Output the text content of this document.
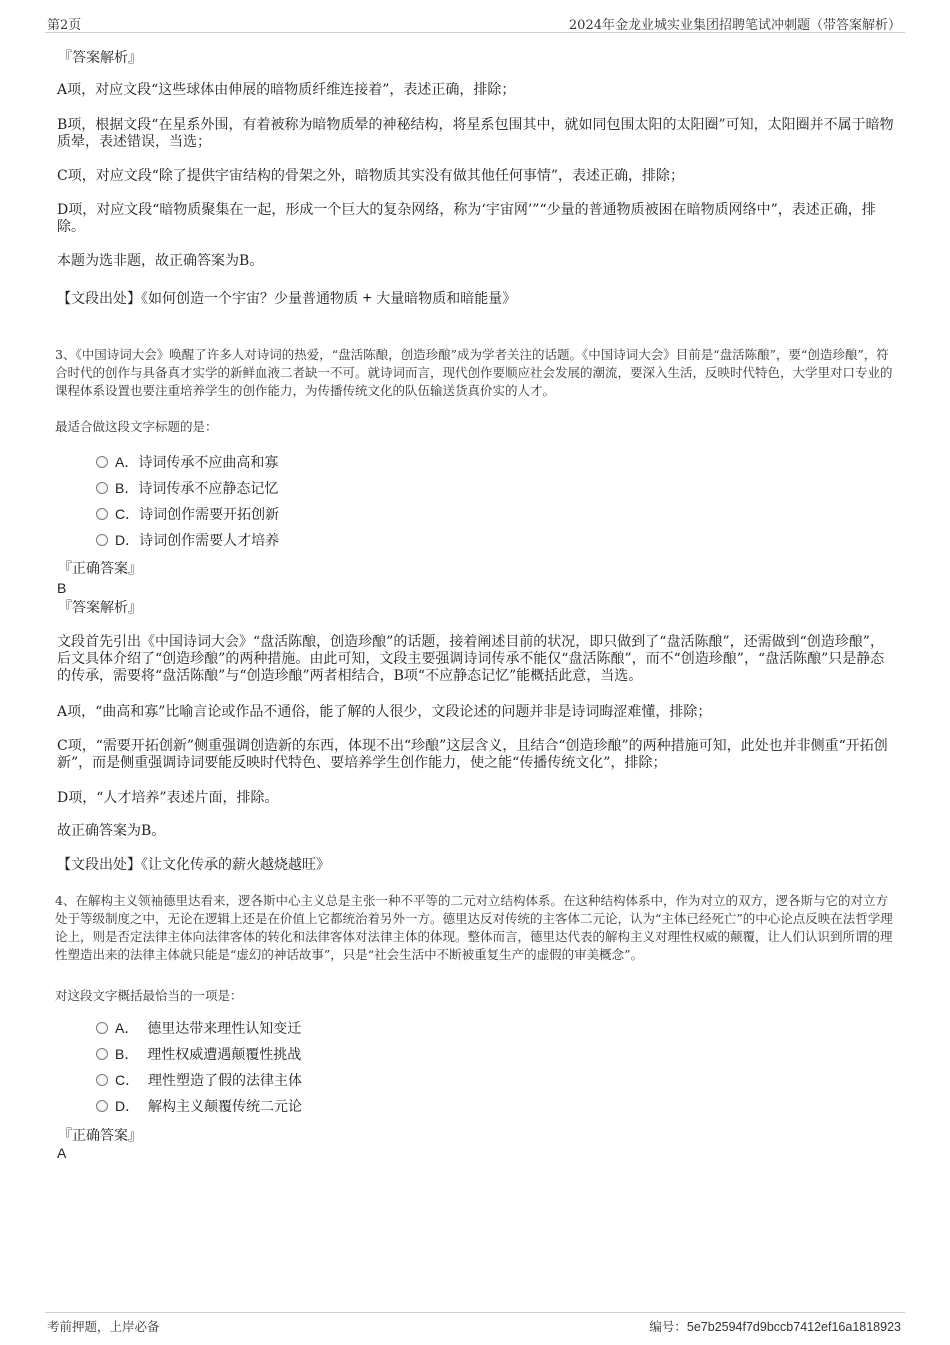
第2页	2024年金龙业城实业集团招聘笔试冲刺题（带答案解析）
『答案解析』
A项，对应文段“这些球体由伸展的暗物质纤维连接着”，表述正确，排除；
B项，根据文段“在星系外围，有着被称为暗物质晕的神秘结构，将星系包围其中，就如同包围太阳的太阳圈”可知，太阳圈并不属于暗物质晕，表述错误，当选；
C项，对应文段“除了提供宇宙结构的骨架之外，暗物质其实没有做其他任何事情”，表述正确，排除；
D项，对应文段“暗物质聚集在一起，形成一个巨大的复杂网络，称为‘宇宙网’”“少量的普通物质被困在暗物质网络中”，表述正确，排除。
本题为选非题，故正确答案为B。
【文段出处】《如何创造一个宇宙？少量普通物质 + 大量暗物质和暗能量》
3、《中国诗词大会》唤醒了许多人对诗词的热爱，“盘活陈酿，创造珍酿”成为学者关注的话题。《中国诗词大会》目前是“盘活陈酿”，要“创造珍酿”，符合时代的创作与具备真才实学的新鲜血液二者缺一不可。就诗词而言，现代创作要顺应社会发展的潮流，要深入生活，反映时代特色，大学里对口专业的课程体系设置也要注重培养学生的创作能力，为传播传统文化的队伍输送货真价实的人才。
最适合做这段文字标题的是：
A．诗词传承不应曲高和寡
B．诗词传承不应静态记忆
C．诗词创作需要开拓创新
D．诗词创作需要人才培养
『正确答案』
B
『答案解析』
文段首先引出《中国诗词大会》“盘活陈酿，创造珍酿”的话题，接着阐述目前的状况，即只做到了“盘活陈酿”，还需做到“创造珍酿”，后文具体介绍了“创造珍酿”的两种措施。由此可知，文段主要强调诗词传承不能仅“盘活陈酿”，而不“创造珍酿”，“盘活陈酿”只是静态的传承，需要将“盘活陈酿”与“创造珍酿”两者相结合，B项“不应静态记忆”能概括此意，当选。
A项，“曲高和寡”比喻言论或作品不通俗，能了解的人很少，文段论述的问题并非是诗词晦涩难懂，排除；
C项，“需要开拓创新”侧重强调创造新的东西，体现不出“珍酿”这层含义，且结合“创造珍酿”的两种措施可知，此处也并非侧重“开拓创新”，而是侧重强调诗词要能反映时代特色、要培养学生创作能力，使之能“传播传统文化”，排除；
D项，“人才培养”表述片面，排除。
故正确答案为B。
【文段出处】《让文化传承的薪火越烧越旺》
4、在解构主义领袖德里达看来，逻各斯中心主义总是主张一种不平等的二元对立结构体系。在这种结构体系中，作为对立的双方，逻各斯与它的对立方处于等级制度之中，无论在逻辑上还是在价值上它都统治着另外一方。德里达反对传统的主客体二元论，认为“主体已经死亡”的中心论点反映在法哲学理论上，则是否定法律主体向法律客体的转化和法律客体对法律主体的体现。整体而言，德里达代表的解构主义对理性权威的颠覆，让人们认识到所谓的理性塑造出来的法律主体就只能是“虚幻的神话故事”，只是“社会生活中不断被重复生产的虚假的审美概念”。
对这段文字概括最恰当的一项是：
A． 德里达带来理性认知变迁
B． 理性权威遭遇颠覆性挑战
C． 理性塑造了假的法律主体
D． 解构主义颠覆传统二元论
『正确答案』
A
考前押题，上岸必备	编号：5e7b2594f7d9bccb7412ef16a1818923
